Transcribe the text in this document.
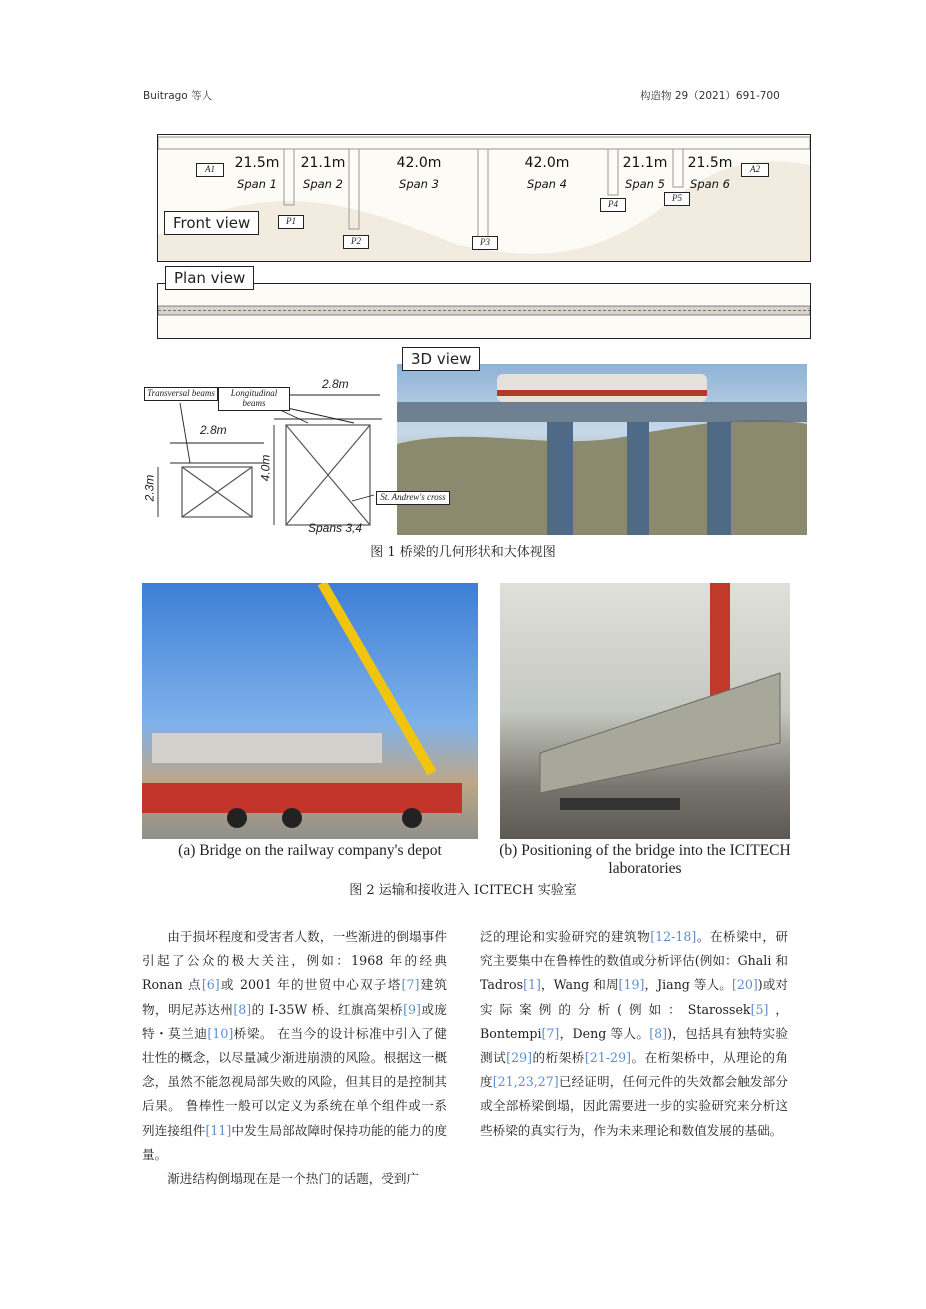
Buitrago 等人	构造物 29（2021）691-700
A1	A2
21.5m
Span 1
21.1m
Span 2
42.0m
Span 3
42.0m
Span 4
21.1m
Span 5
21.5m
Span 6
P1
P2	P3
P4
P5
Front view
Plan view
Transversal beams	Longitudinal beams
2.8m
2.8m
2.3m
4.0m
St. Andrew's cross
Spans 3,4
3D view
图 1 桥梁的几何形状和大体视图
(a) Bridge on the railway company's depot	(b) Positioning of the bridge into the ICITECH laboratories
图 2 运输和接收进入 ICITECH 实验室

由于损坏程度和受害者人数，一些渐进的倒塌事件引起了公众的极大关注，例如：1968 年的经典 Ronan 点[6]或 2001 年的世贸中心双子塔[7]建筑物，明尼苏达州[8]的 I-35W 桥、红旗高架桥[9]或庞特・莫兰迪[10]桥梁。 在当今的设计标准中引入了健壮性的概念，以尽量减少渐进崩溃的风险。根据这一概念，虽然不能忽视局部失败的风险，但其目的是控制其后果。 鲁棒性一般可以定义为系统在单个组件或一系列连接组件[11]中发生局部故障时保持功能的能力的度量。

渐进结构倒塌现在是一个热门的话题，受到广

泛的理论和实验研究的建筑物[12-18]。在桥梁中，研究主要集中在鲁棒性的数值或分析评估(例如：Ghali 和 Tadros[1]，Wang 和周[19]，Jiang 等人。[20])或对实际案例的分析(例如：Starossek[5]，Bontempi[7]，Deng 等人。[8])，包括具有独特实验测试[29]的桁架桥[21-29]。在桁架桥中，从理论的角度[21,23,27]已经证明，任何元件的失效都会触发部分或全部桥梁倒塌，因此需要进一步的实验研究来分析这些桥梁的真实行为，作为未来理论和数值发展的基础。
